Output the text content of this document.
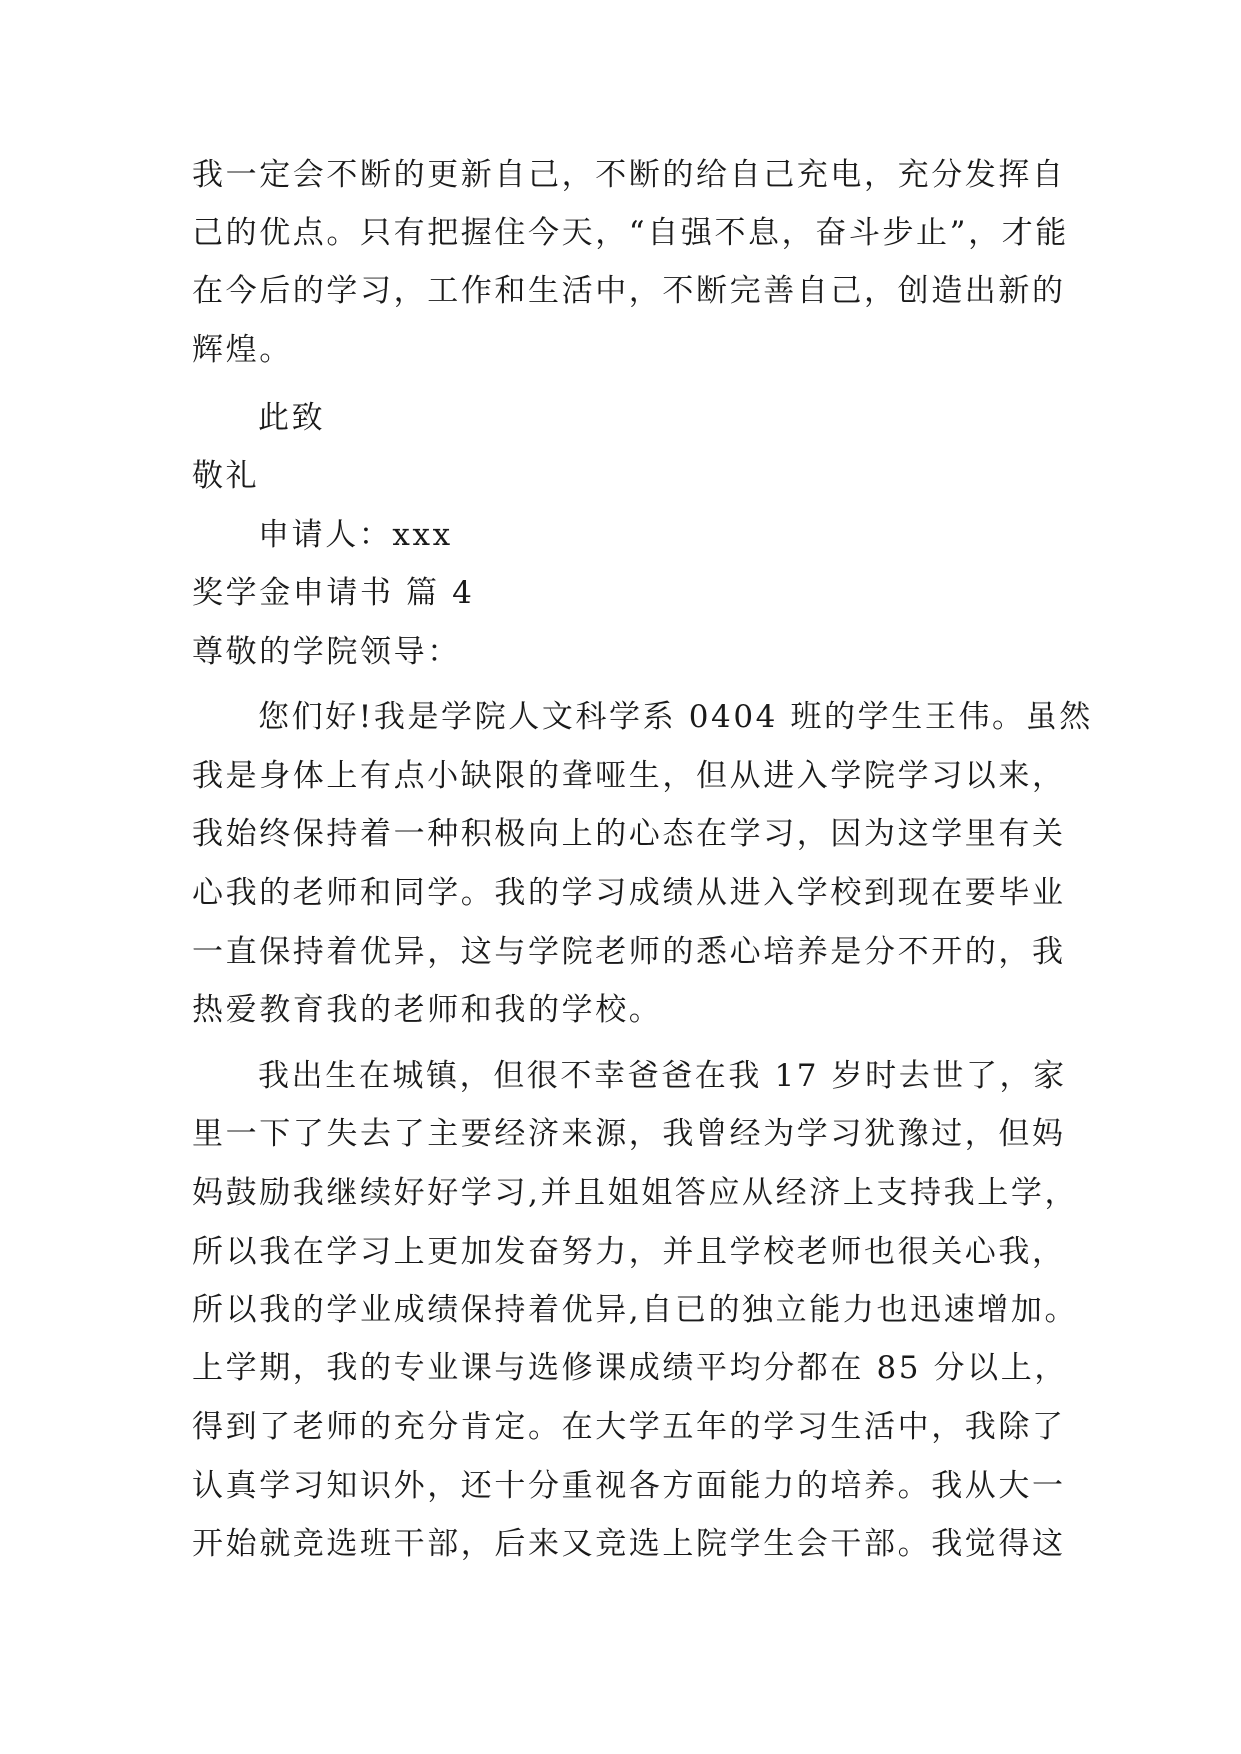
我一定会不断的更新自己，不断的给自己充电，充分发挥自
己的优点。只有把握住今天，“自强不息，奋斗步止”，才能
在今后的学习，工作和生活中，不断完善自己，创造出新的
辉煌。
此致
敬礼
申请人：xxx
奖学金申请书 篇 4
尊敬的学院领导：
您们好!我是学院人文科学系 0404 班的学生王伟。虽然
我是身体上有点小缺限的聋哑生，但从进入学院学习以来，
我始终保持着一种积极向上的心态在学习，因为这学里有关
心我的老师和同学。我的学习成绩从进入学校到现在要毕业
一直保持着优异，这与学院老师的悉心培养是分不开的，我
热爱教育我的老师和我的学校。
我出生在城镇，但很不幸爸爸在我 17 岁时去世了，家
里一下了失去了主要经济来源，我曾经为学习犹豫过，但妈
妈鼓励我继续好好学习,并且姐姐答应从经济上支持我上学，
所以我在学习上更加发奋努力，并且学校老师也很关心我，
所以我的学业成绩保持着优异,自已的独立能力也迅速增加。
上学期，我的专业课与选修课成绩平均分都在 85 分以上，
得到了老师的充分肯定。在大学五年的学习生活中，我除了
认真学习知识外，还十分重视各方面能力的培养。我从大一
开始就竞选班干部，后来又竞选上院学生会干部。我觉得这
